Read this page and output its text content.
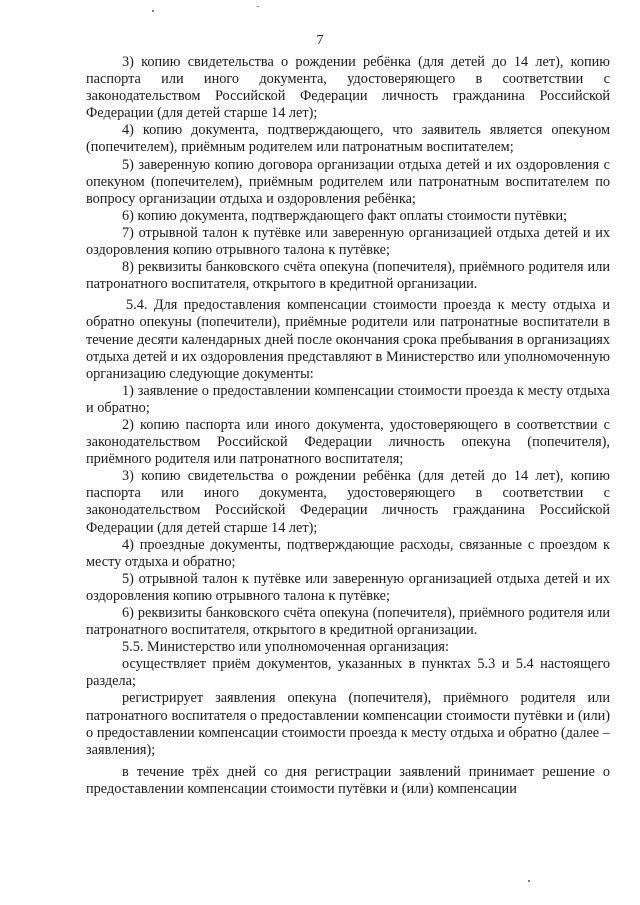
7

3) копию свидетельства о рождении ребёнка (для детей до 14 лет), копию паспорта или иного документа, удостоверяющего в соответствии с законодательством Российской Федерации личность гражданина Российской Федерации (для детей старше 14 лет);

4) копию документа, подтверждающего, что заявитель является опекуном (попечителем), приёмным родителем или патронатным воспитателем;

5) заверенную копию договора организации отдыха детей и их оздоровления с опекуном (попечителем), приёмным родителем или патронатным воспитателем по вопросу организации отдыха и оздоровления ребёнка;

6) копию документа, подтверждающего факт оплаты стоимости путёвки;

7) отрывной талон к путёвке или заверенную организацией отдыха детей и их оздоровления копию отрывного талона к путёвке;

8) реквизиты банковского счёта опекуна (попечителя), приёмного родителя или патронатного воспитателя, открытого в кредитной организации.

5.4. Для предоставления компенсации стоимости проезда к месту отдыха и обратно опекуны (попечители), приёмные родители или патронатные воспитатели в течение десяти календарных дней после окончания срока пребывания в организациях отдыха детей и их оздоровления представляют в Министерство или уполномоченную организацию следующие документы:

1) заявление о предоставлении компенсации стоимости проезда к месту отдыха и обратно;

2) копию паспорта или иного документа, удостоверяющего в соответствии с законодательством Российской Федерации личность опекуна (попечителя), приёмного родителя или патронатного воспитателя;

3) копию свидетельства о рождении ребёнка (для детей до 14 лет), копию паспорта или иного документа, удостоверяющего в соответствии с законодательством Российской Федерации личность гражданина Российской Федерации (для детей старше 14 лет);

4) проездные документы, подтверждающие расходы, связанные с проездом к месту отдыха и обратно;

5) отрывной талон к путёвке или заверенную организацией отдыха детей и их оздоровления копию отрывного талона к путёвке;

6) реквизиты банковского счёта опекуна (попечителя), приёмного родителя или патронатного воспитателя, открытого в кредитной организации.

5.5. Министерство или уполномоченная организация:

осуществляет приём документов, указанных в пунктах 5.3 и 5.4 настоящего раздела;

регистрирует заявления опекуна (попечителя), приёмного родителя или патронатного воспитателя о предоставлении компенсации стоимости путёвки и (или) о предоставлении компенсации стоимости проезда к месту отдыха и обратно (далее – заявления);

в течение трёх дней со дня регистрации заявлений принимает решение о предоставлении компенсации стоимости путёвки и (или) компенсации
